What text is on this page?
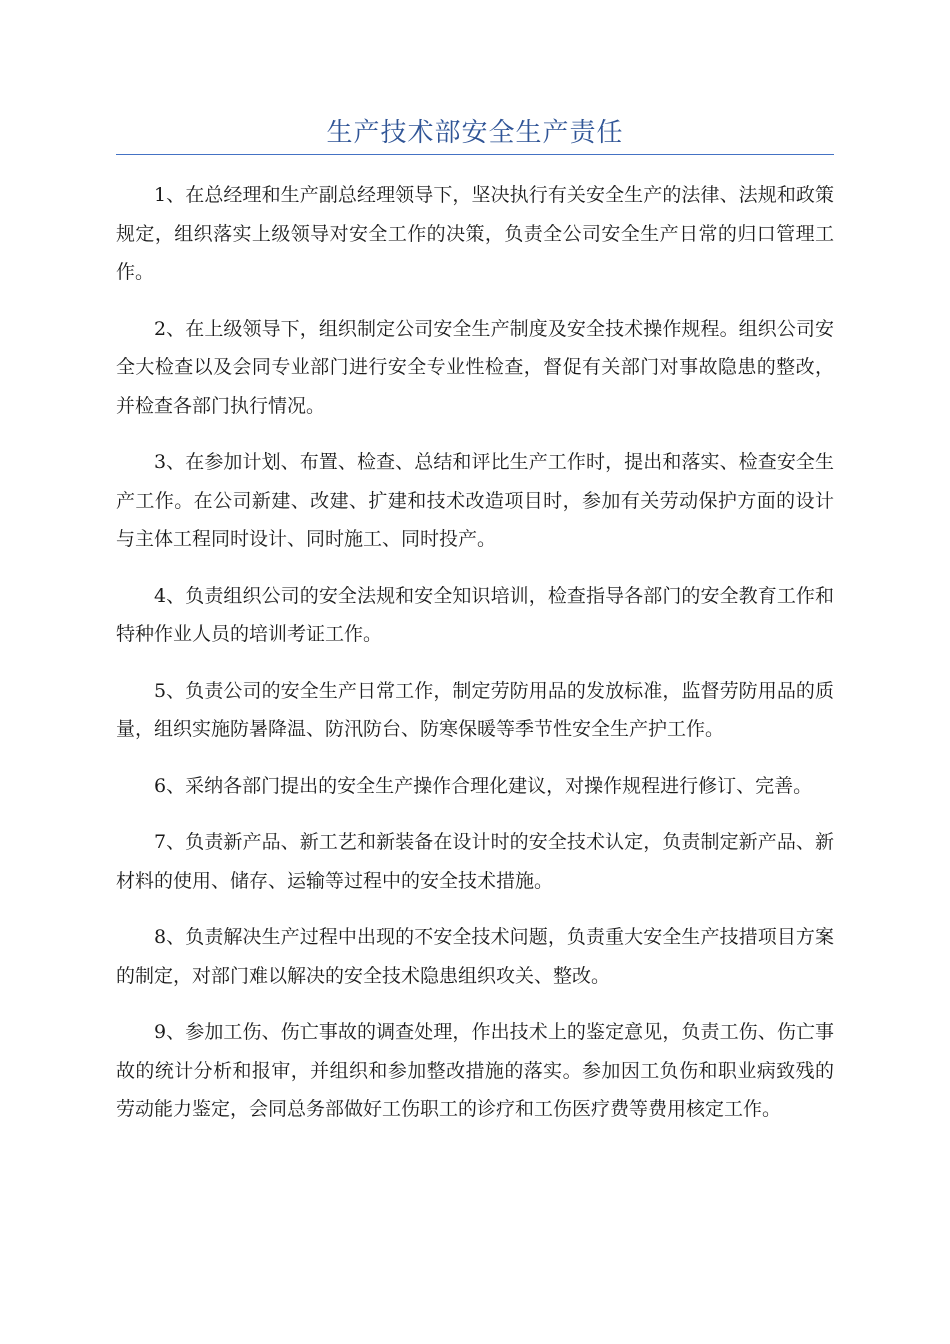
生产技术部安全生产责任

1、在总经理和生产副总经理领导下，坚决执行有关安全生产的法律、法规和政策规定，组织落实上级领导对安全工作的决策，负责全公司安全生产日常的归口管理工作。

2、在上级领导下，组织制定公司安全生产制度及安全技术操作规程。组织公司安全大检查以及会同专业部门进行安全专业性检查，督促有关部门对事故隐患的整改，并检查各部门执行情况。

3、在参加计划、布置、检查、总结和评比生产工作时，提出和落实、检查安全生产工作。在公司新建、改建、扩建和技术改造项目时，参加有关劳动保护方面的设计与主体工程同时设计、同时施工、同时投产。

4、负责组织公司的安全法规和安全知识培训，检查指导各部门的安全教育工作和特种作业人员的培训考证工作。

5、负责公司的安全生产日常工作，制定劳防用品的发放标准，监督劳防用品的质量，组织实施防暑降温、防汛防台、防寒保暖等季节性安全生产护工作。

6、采纳各部门提出的安全生产操作合理化建议，对操作规程进行修订、完善。

7、负责新产品、新工艺和新装备在设计时的安全技术认定，负责制定新产品、新材料的使用、储存、运输等过程中的安全技术措施。

8、负责解决生产过程中出现的不安全技术问题，负责重大安全生产技措项目方案的制定，对部门难以解决的安全技术隐患组织攻关、整改。

9、参加工伤、伤亡事故的调查处理，作出技术上的鉴定意见，负责工伤、伤亡事故的统计分析和报审，并组织和参加整改措施的落实。参加因工负伤和职业病致残的劳动能力鉴定，会同总务部做好工伤职工的诊疗和工伤医疗费等费用核定工作。
